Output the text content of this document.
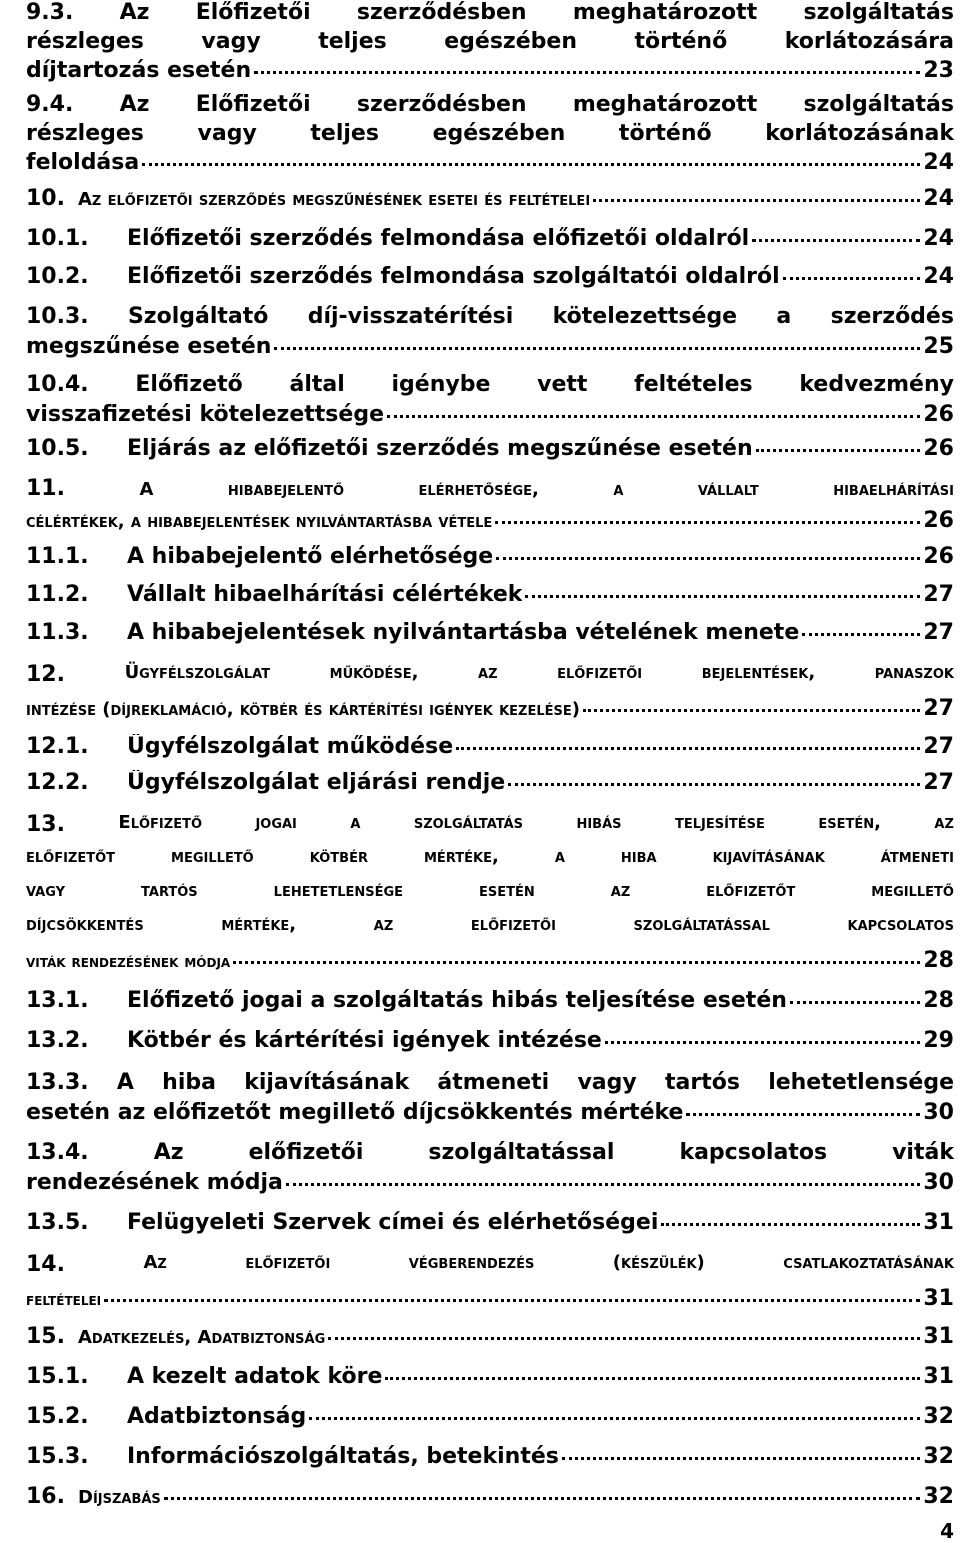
9.3. Az Előfizetői szerződésben meghatározott szolgáltatás
részleges	vagy	teljes	egészében	történő	korlátozására
díjtartozás esetén	23
9.4. Az Előfizetői szerződésben meghatározott szolgáltatás
részleges vagy teljes egészében történő korlátozásának
feloldása	24
10. Az előfizetői szerződés megszűnésének esetei és feltételei	24
10.1.	Előfizetői szerződés felmondása előfizetői oldalról	24
10.2.	Előfizetői szerződés felmondása szolgáltatói oldalról	24
10.3. Szolgáltató díj-visszatérítési kötelezettsége a szerződés
megszűnése esetén	25
10.4. Előfizető által igénybe vett feltételes kedvezmény
visszafizetési kötelezettsége	26
10.5.	Eljárás az előfizetői szerződés megszűnése esetén	26
11.	A	hibabejelentő	elérhetősége,	a	vállalt	hibaelhárítási
célértékek, a hibabejelentések nyilvántartásba vétele	26
11.1.	A hibabejelentő elérhetősége	26
11.2.	Vállalt hibaelhárítási célértékek	27
11.3.	A hibabejelentések nyilvántartásba vételének menete	27
12.	Ügyfélszolgálat	működése,	az	előfizetői	bejelentések,	panaszok
intézése (díjreklamáció, kötbér és kártérítési igények kezelése)	27
12.1.	Ügyfélszolgálat működése	27
12.2.	Ügyfélszolgálat eljárási rendje	27
13.	Előfizető	jogai	a	szolgáltatás	hibás	teljesítése	esetén,	az
előfizetőt	megillető	kötbér	mértéke,	a	hiba	kijavításának	átmeneti
vagy	tartós	lehetetlensége	esetén	az	előfizetőt	megillető
díjcsökkentés	mértéke,	az	előfizetői	szolgáltatással	kapcsolatos
viták rendezésének módja	28
13.1.	Előfizető jogai a szolgáltatás hibás teljesítése esetén	28
13.2.	Kötbér és kártérítési igények intézése	29
13.3. A hiba kijavításának átmeneti vagy tartós lehetetlensége
esetén az előfizetőt megillető díjcsökkentés mértéke	30
13.4.	Az	előfizetői	szolgáltatással	kapcsolatos	viták
rendezésének módja	30
13.5.	Felügyeleti Szervek címei és elérhetőségei	31
14.	Az	előfizetői	végberendezés	(készülék)	csatlakoztatásának
feltételei	31
15. Adatkezelés, Adatbiztonság	31
15.1.	A kezelt adatok köre	31
15.2.	Adatbiztonság	32
15.3.	Információszolgáltatás, betekintés	32
16. Díjszabás	32
4
